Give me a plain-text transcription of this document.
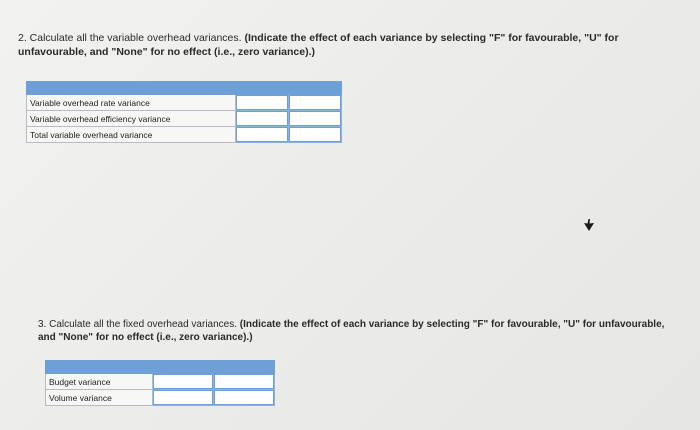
2. Calculate all the variable overhead variances. (Indicate the effect of each variance by selecting "F" for favourable, "U" for unfavourable, and "None" for no effect (i.e., zero variance).)

Variable overhead rate variance		
Variable overhead efficiency variance		
Total variable overhead variance		
3. Calculate all the fixed overhead variances. (Indicate the effect of each variance by selecting "F" for favourable, "U" for unfavourable, and "None" for no effect (i.e., zero variance).)

Budget variance		
Volume variance		
